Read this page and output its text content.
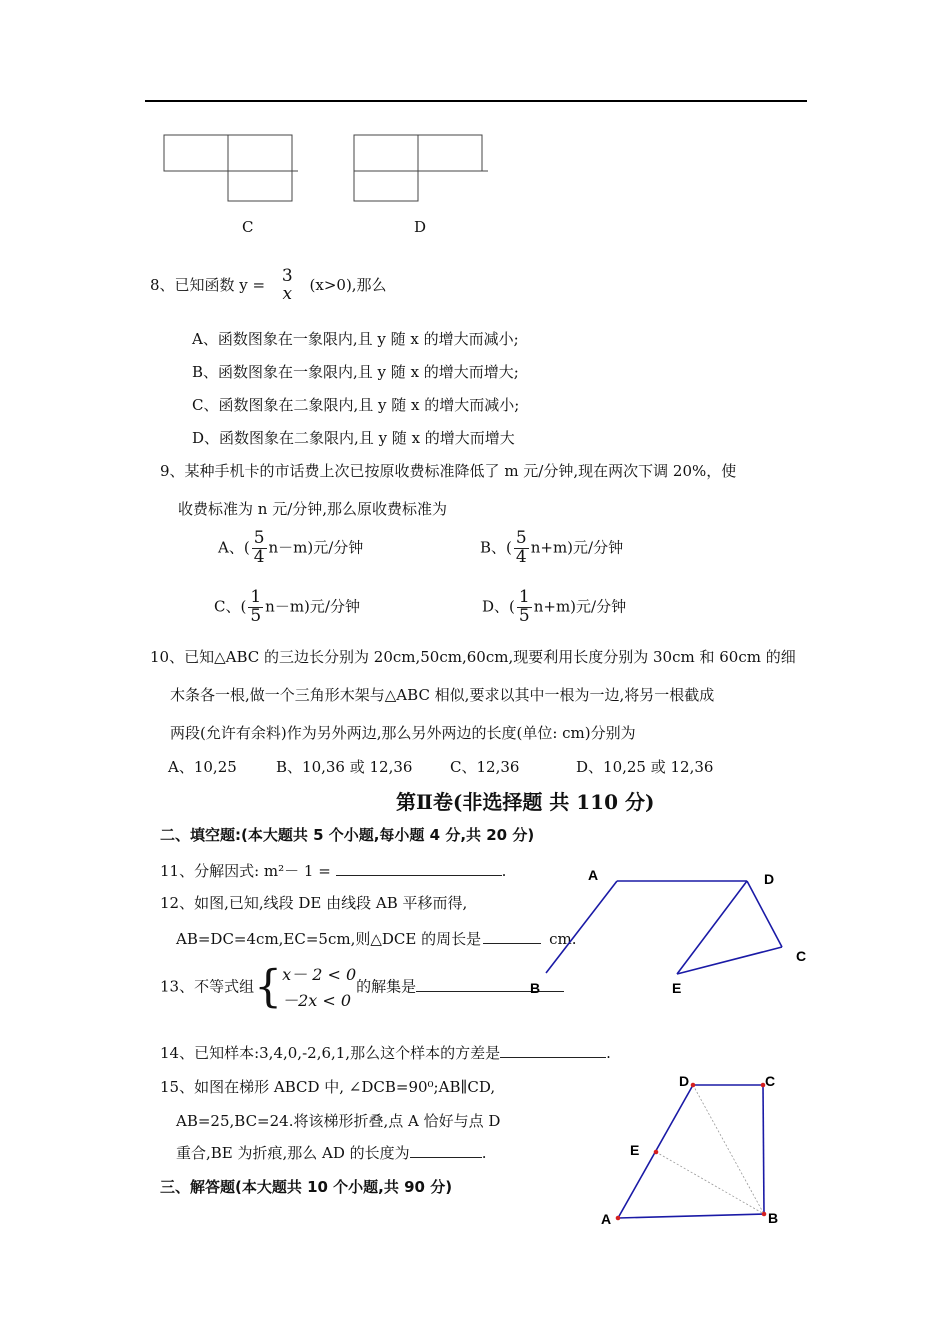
C	D
8、已知函数 y = 3
x (x>0),那么
A、函数图象在一象限内,且 y 随 x 的增大而减小;
B、函数图象在一象限内,且 y 随 x 的增大而增大;
C、函数图象在二象限内,且 y 随 x 的增大而减小;
D、函数图象在二象限内,且 y 随 x 的增大而增大
9、某种手机卡的市话费上次已按原收费标准降低了 m 元/分钟,现在两次下调 20%，使
收费标准为 n 元/分钟,那么原收费标准为
A、( $\frac{5}{4} n-m$)元/分钟	B、( $\frac{5}{4} n+m$)元/分钟
C、( $\frac{1}{5} n-m$)元/分钟	D、( $\frac{1}{5} n+m$)元/分钟
10、已知△ABC 的三边长分别为 20cm,50cm,60cm,现要利用长度分别为 30cm 和 60cm 的细
木条各一根,做一个三角形木架与△ABC 相似,要求以其中一根为一边,将另一根截成
两段(允许有余料)作为另外两边,那么另外两边的长度(单位: cm)分别为
A、10,25	B、10,36 或 12,36	C、12,36	D、10,25 或 12,36
第Ⅱ卷(非选择题 共 110 分)
二、填空题:(本大题共 5 个小题,每小题 4 分,共 20 分)
11、分解因式: m²－ 1 =	.
12、如图,已知,线段 DE 由线段 AB 平移而得,
AB=DC=4cm,EC=5cm,则△DCE 的周长是	cm.
13、不等式组{ x－ 2 < 0
－2x < 0
的解集是
14、已知样本:3,4,0,-2,6,1,那么这个样本的方差是	.
15、如图在梯形 ABCD 中, ∠DCB=90⁰;AB∥CD,
AB=25,BC=24.将该梯形折叠,点 A 恰好与点 D
重合,BE 为折痕,那么 AD 的长度为	.
三、解答题(本大题共 10 个小题,共 90 分)
A	D
C
B	E
D	C
E
A	B
